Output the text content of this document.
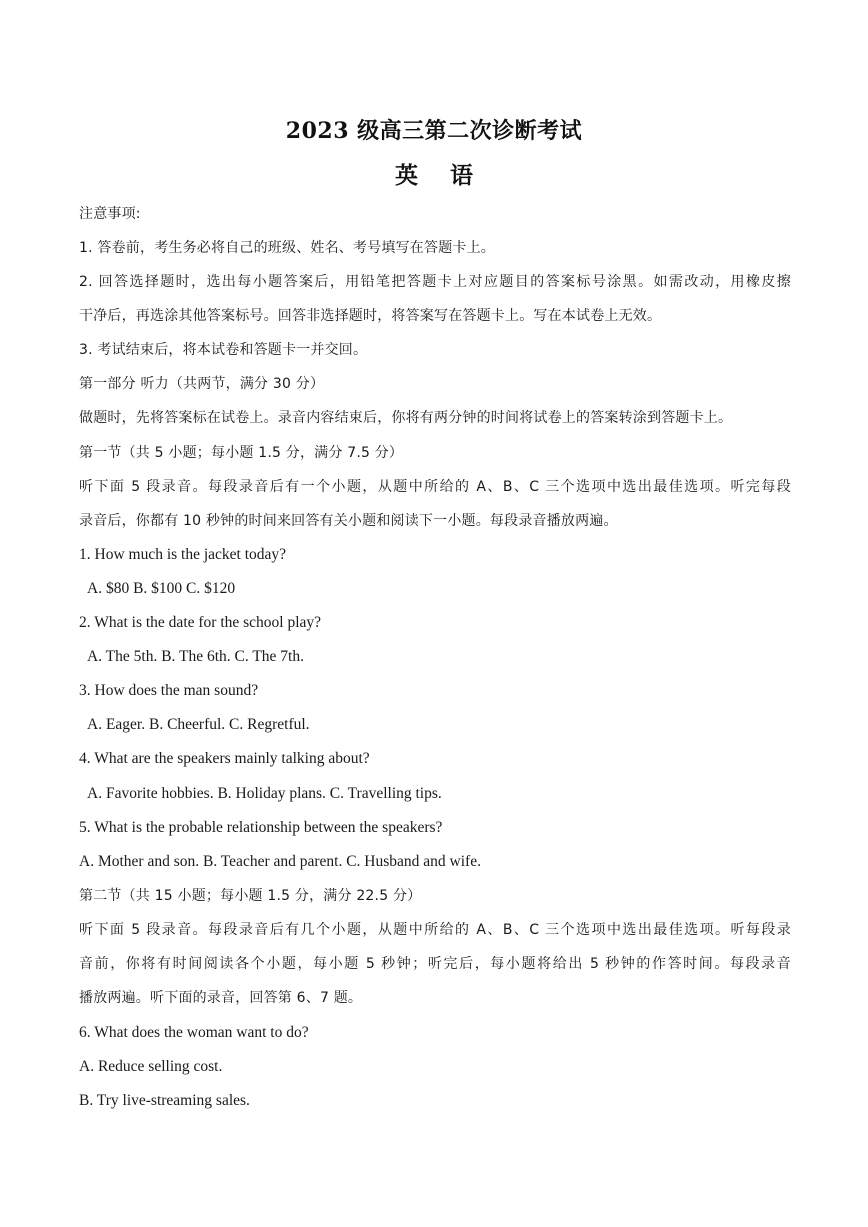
2023 级高三第二次诊断考试
英 语
注意事项:
1. 答卷前，考生务必将自己的班级、姓名、考号填写在答题卡上。
2. 回答选择题时，选出每小题答案后，用铅笔把答题卡上对应题目的答案标号涂黑。如需改动，用橡皮擦
干净后，再选涂其他答案标号。回答非选择题时，将答案写在答题卡上。写在本试卷上无效。
3. 考试结束后，将本试卷和答题卡一并交回。
第一部分 听力（共两节，满分 30 分）
做题时，先将答案标在试卷上。录音内容结束后，你将有两分钟的时间将试卷上的答案转涂到答题卡上。
第一节（共 5 小题；每小题 1.5 分，满分 7.5 分）
听下面 5 段录音。每段录音后有一个小题，从题中所给的 A、B、C 三个选项中选出最佳选项。听完每段
录音后，你都有 10 秒钟的时间来回答有关小题和阅读下一小题。每段录音播放两遍。
1. How much is the jacket today?
A. $80 B. $100 C. $120
2. What is the date for the school play?
A. The 5th. B. The 6th. C. The 7th.
3. How does the man sound?
A. Eager. B. Cheerful. C. Regretful.
4. What are the speakers mainly talking about?
A. Favorite hobbies. B. Holiday plans. C. Travelling tips.
5. What is the probable relationship between the speakers?
A. Mother and son. B. Teacher and parent. C. Husband and wife.
第二节（共 15 小题；每小题 1.5 分，满分 22.5 分）
听下面 5 段录音。每段录音后有几个小题，从题中所给的 A、B、C 三个选项中选出最佳选项。听每段录
音前，你将有时间阅读各个小题，每小题 5 秒钟；听完后，每小题将给出 5 秒钟的作答时间。每段录音
播放两遍。听下面的录音，回答第 6、7 题。
6. What does the woman want to do?
A. Reduce selling cost.
B. Try live-streaming sales.
